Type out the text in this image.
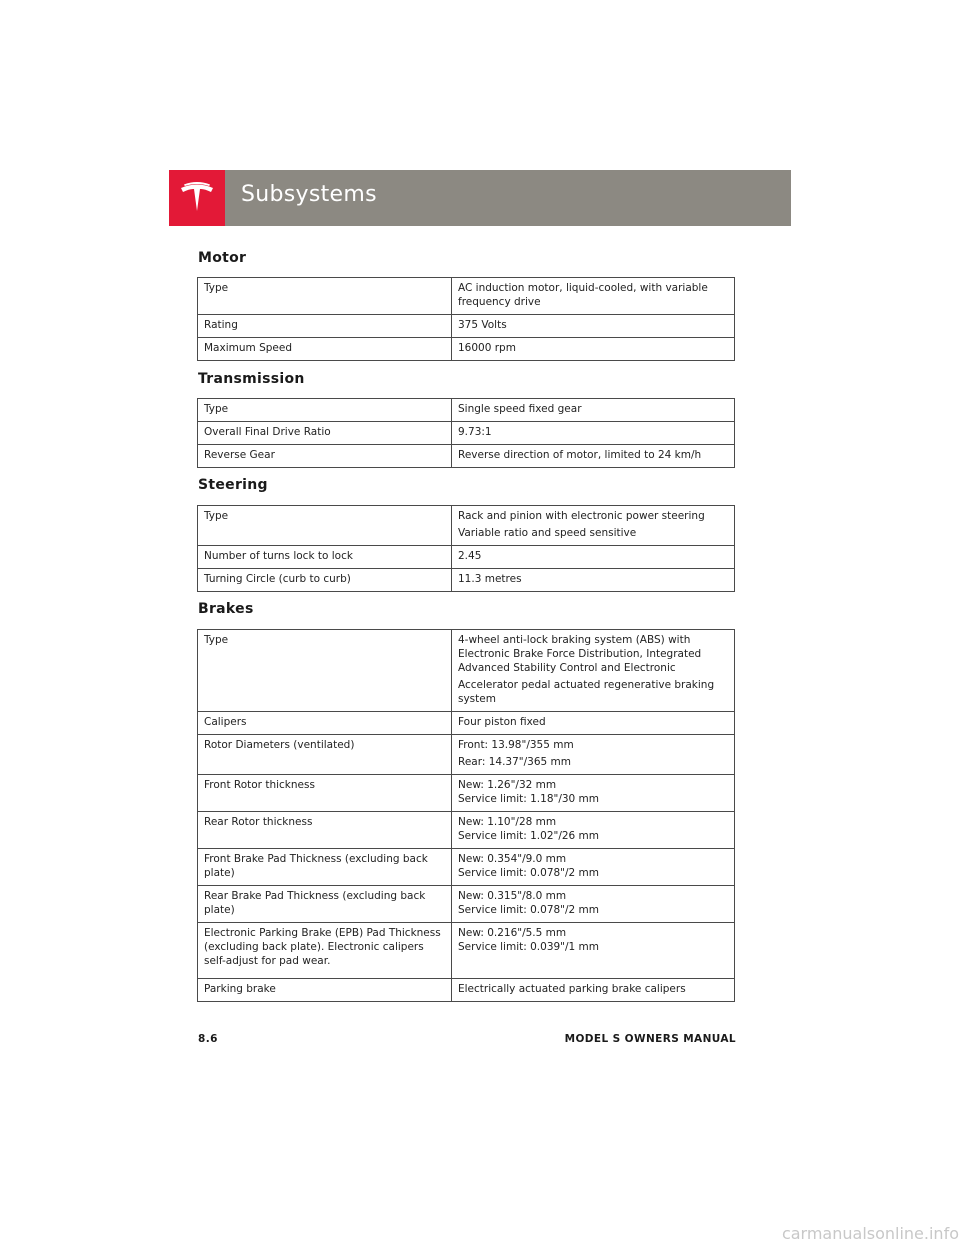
Subsystems
Motor
Type	AC induction motor, liquid-cooled, with variable frequency drive
Rating	375 Volts
Maximum Speed	16000 rpm
Transmission
Type	Single speed fixed gear
Overall Final Drive Ratio	9.73:1
Reverse Gear	Reverse direction of motor, limited to 24 km/h
Steering
Type	Rack and pinion with electronic power steering
Variable ratio and speed sensitive

Number of turns lock to lock	2.45
Turning Circle (curb to curb)	11.3 metres
Brakes
Type	4-wheel anti-lock braking system (ABS) with Electronic Brake Force Distribution, Integrated Advanced Stability Control and Electronic
Accelerator pedal actuated regenerative braking system

Calipers	Four piston fixed
Rotor Diameters (ventilated)	Front: 13.98"/355 mm
Rear: 14.37"/365 mm

Front Rotor thickness	New: 1.26"/32 mm
Service limit: 1.18"/30 mm
Rear Rotor thickness	New: 1.10"/28 mm
Service limit: 1.02"/26 mm
Front Brake Pad Thickness (excluding back plate)	New: 0.354"/9.0 mm
Service limit: 0.078"/2 mm
Rear Brake Pad Thickness (excluding back plate)	New: 0.315"/8.0 mm
Service limit: 0.078"/2 mm
Electronic Parking Brake (EPB) Pad Thickness (excluding back plate). Electronic calipers self-adjust for pad wear.	New: 0.216"/5.5 mm
Service limit: 0.039"/1 mm
Parking brake	Electrically actuated parking brake calipers
8.6	MODEL S OWNERS MANUAL
carmanualsonline.info
